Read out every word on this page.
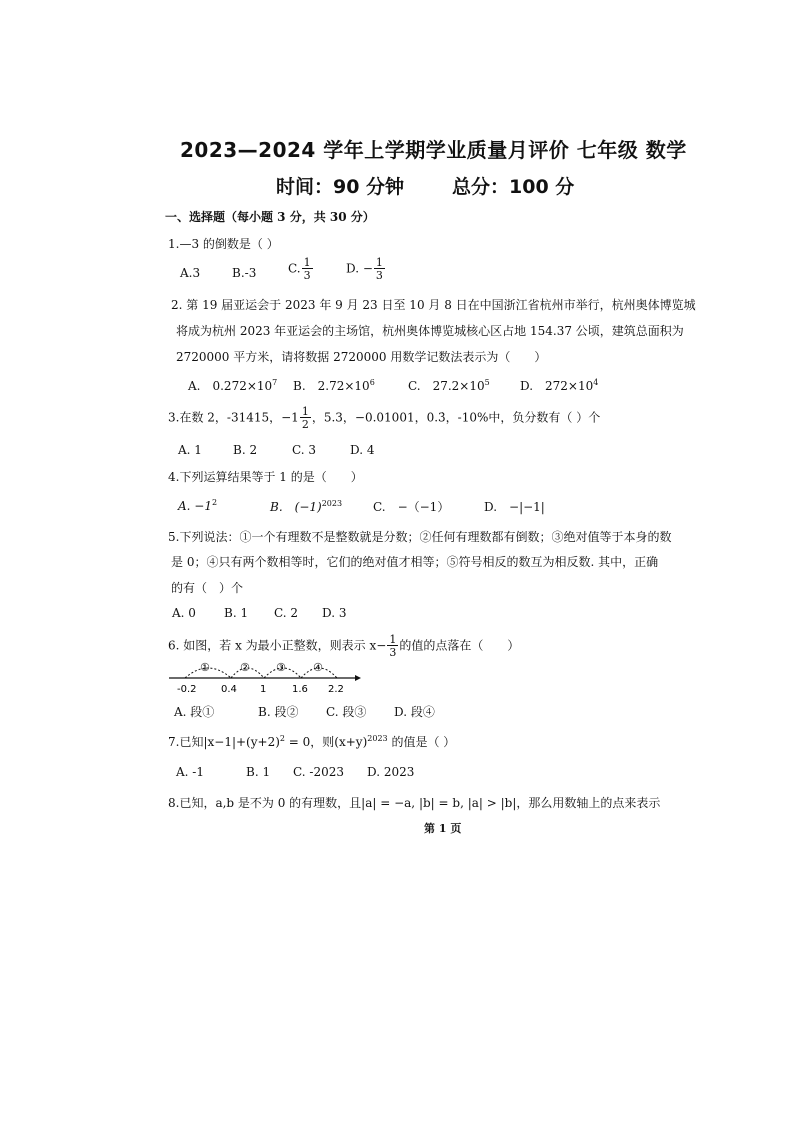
2023—2024 学年上学期学业质量月评价 七年级 数学
时间：90 分钟	总分：100 分
一、选择题（每小题 3 分，共 30 分）
1.—3 的倒数是（ ）
A.3	B.-3	C. $\frac{1}{3}$	D. − $\frac{1}{3}$
2. 第 19 届亚运会于 2023 年 9 月 23 日至 10 月 8 日在中国浙江省杭州市举行，杭州奥体博览城
将成为杭州 2023 年亚运会的主场馆，杭州奥体博览城核心区占地 154.37 公顷，建筑总面积为
2720000 平方米，请将数据 2720000 用数学记数法表示为（　　）
A.　$0.272\times 10^7$ B.　$2.72\times 10^6$	C.　$27.2\times 10^5$	D.　$272\times 10^4$
3.在数 2，-31415，$-1 \frac{1}{2}$ ，5.3，−0.01001，0.3̇，-10%中，负分数有（ ）个
A. 1	B. 2	C. 3	D. 4
4.下列运算结果等于 1 的是（　　）
A. $-1^2$	B.　$(-1)^{2023}$	C.　−（−1）	D.　−|−1|
5.下列说法：①一个有理数不是整数就是分数；②任何有理数都有倒数；③绝对值等于本身的数
是 0；④只有两个数相等时，它们的绝对值才相等；⑤符号相反的数互为相反数. 其中，正确
的有（　）个
A. 0 B. 1 C. 2 D. 3
6. 如图，若 x 为最小正整数，则表示 $x- \frac{1}{3}$ 的值的点落在（　　）
①	② ③ ④
-0.2 0.4 1	1.6 2.2
A. 段①	B. 段② C. 段③ D. 段④
7.已知$|x-1|+(y+2)^2 = 0$，则$(x+y)^{2023}$ 的值是（ ）
A. -1	B. 1 C. -2023 D. 2023
8.已知，a,b 是不为 0 的有理数，且|a| = −a, |b| = b, |a| > |b|，那么用数轴上的点来表示
第 1 页
